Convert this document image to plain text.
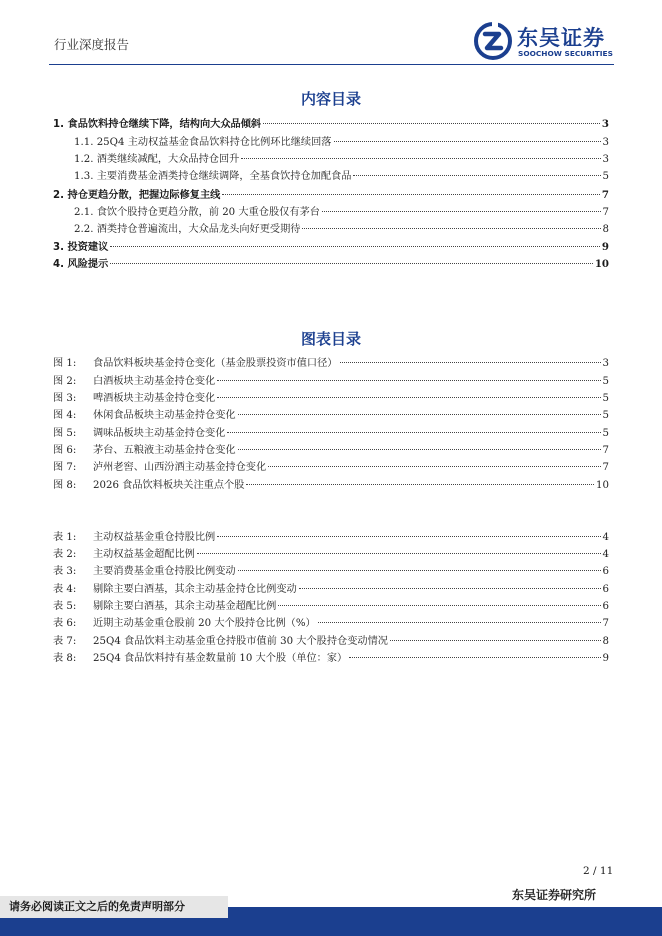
行业深度报告	东吴证券
SOOCHOW SECURITIES
内容目录
1. 食品饮料持仓继续下降，结构向大众品倾斜	3
1.1. 25Q4 主动权益基金食品饮料持仓比例环比继续回落	3
1.2. 酒类继续减配，大众品持仓回升	3
1.3. 主要消费基金酒类持仓继续调降，全基食饮持仓加配食品	5
2. 持仓更趋分散，把握边际修复主线	7
2.1. 食饮个股持仓更趋分散，前 20 大重仓股仅有茅台	7
2.2. 酒类持仓普遍流出，大众品龙头向好更受期待	8
3. 投资建议	9
4. 风险提示	10
图表目录
图 1: 食品饮料板块基金持仓变化（基金股票投资市值口径）	3
图 2: 白酒板块主动基金持仓变化	5
图 3: 啤酒板块主动基金持仓变化	5
图 4: 休闲食品板块主动基金持仓变化	5
图 5: 调味品板块主动基金持仓变化	5
图 6: 茅台、五粮液主动基金持仓变化	7
图 7: 泸州老窖、山西汾酒主动基金持仓变化	7
图 8: 2026 食品饮料板块关注重点个股	10
表 1: 主动权益基金重仓持股比例	4
表 2: 主动权益基金超配比例	4
表 3: 主要消费基金重仓持股比例变动	6
表 4: 剔除主要白酒基，其余主动基金持仓比例变动	6
表 5: 剔除主要白酒基，其余主动基金超配比例	6
表 6: 近期主动基金重仓股前 20 大个股持仓比例（%）	7
表 7: 25Q4 食品饮料主动基金重仓持股市值前 30 大个股持仓变动情况	8
表 8: 25Q4 食品饮料持有基金数量前 10 大个股（单位：家）	9
2 / 11
东吴证券研究所
请务必阅读正文之后的免责声明部分
